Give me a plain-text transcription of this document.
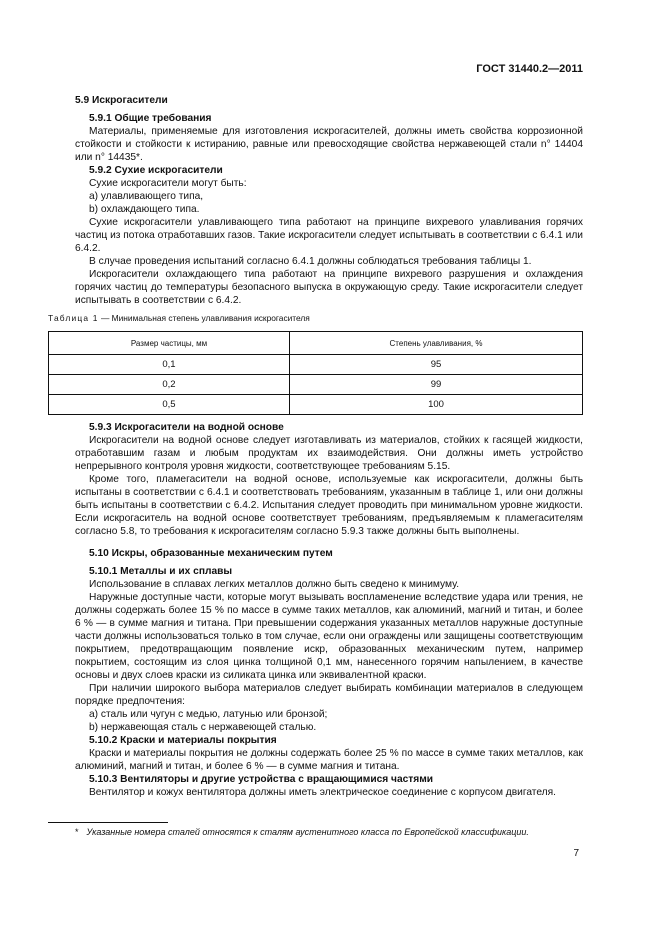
ГОСТ 31440.2—2011

5.9 Искрогасители

5.9.1 Общие требования

Материалы, применяемые для изготовления искрогасителей, должны иметь свойства коррозионной стойкости и стойкости к истиранию, равные или превосходящие свойства нержавеющей стали n° 14404 или n° 14435*.

5.9.2 Сухие искрогасители

Сухие искрогасители могут быть:

а) улавливающего типа,

b) охлаждающего типа.

Сухие искрогасители улавливающего типа работают на принципе вихревого улавливания горячих частиц из потока отработавших газов. Такие искрогасители следует испытывать в соответствии с 6.4.1 или 6.4.2.

В случае проведения испытаний согласно 6.4.1 должны соблюдаться требования таблицы 1.

Искрогасители охлаждающего типа работают на принципе вихревого разрушения и охлаждения горячих частиц до температуры безопасного выпуска в окружающую среду. Такие искрогасители следует испытывать в соответствии с 6.4.2.

Таблица 1 — Минимальная степень улавливания искрогасителя
Размер частицы, мм	Степень улавливания, %
0,1	95
0,2	99
0,5	100

5.9.3 Искрогасители на водной основе

Искрогасители на водной основе следует изготавливать из материалов, стойких к гасящей жидкости, отработавшим газам и любым продуктам их взаимодействия. Они должны иметь устройство непрерывного контроля уровня жидкости, соответствующее требованиям 5.15.

Кроме того, пламегасители на водной основе, используемые как искрогасители, должны быть испытаны в соответствии с 6.4.1 и соответствовать требованиям, указанным в таблице 1, или они должны быть испытаны в соответствии с 6.4.2. Испытания следует проводить при минимальном уровне жидкости. Если искрогаситель на водной основе соответствует требованиям, предъявляемым к пламегасителям согласно 5.8, то требования к искрогасителям согласно 5.9.3 также должны быть выполнены.

5.10 Искры, образованные механическим путем

5.10.1 Металлы и их сплавы

Использование в сплавах легких металлов должно быть сведено к минимуму.

Наружные доступные части, которые могут вызывать воспламенение вследствие удара или трения, не должны содержать более 15 % по массе в сумме таких металлов, как алюминий, магний и титан, и более 6 % — в сумме магния и титана. При превышении содержания указанных металлов наружные доступные части должны использоваться только в том случае, если они ограждены или защищены соответствующим покрытием, предотвращающим появление искр, образованных механическим путем, например покрытием, состоящим из слоя цинка толщиной 0,1 мм, нанесенного горячим напылением, в качестве основы и двух слоев краски из силиката цинка или эквивалентной краски.

При наличии широкого выбора материалов следует выбирать комбинации материалов в следующем порядке предпочтения:

а) сталь или чугун с медью, латунью или бронзой;

b) нержавеющая сталь с нержавеющей сталью.

5.10.2 Краски и материалы покрытия

Краски и материалы покрытия не должны содержать более 25 % по массе в сумме таких металлов, как алюминий, магний и титан, и более 6 % — в сумме магния и титана.

5.10.3 Вентиляторы и другие устройства с вращающимися частями

Вентилятор и кожух вентилятора должны иметь электрическое соединение с корпусом двигателя.

* Указанные номера сталей относятся к сталям аустенитного класса по Европейской классификации.
7
